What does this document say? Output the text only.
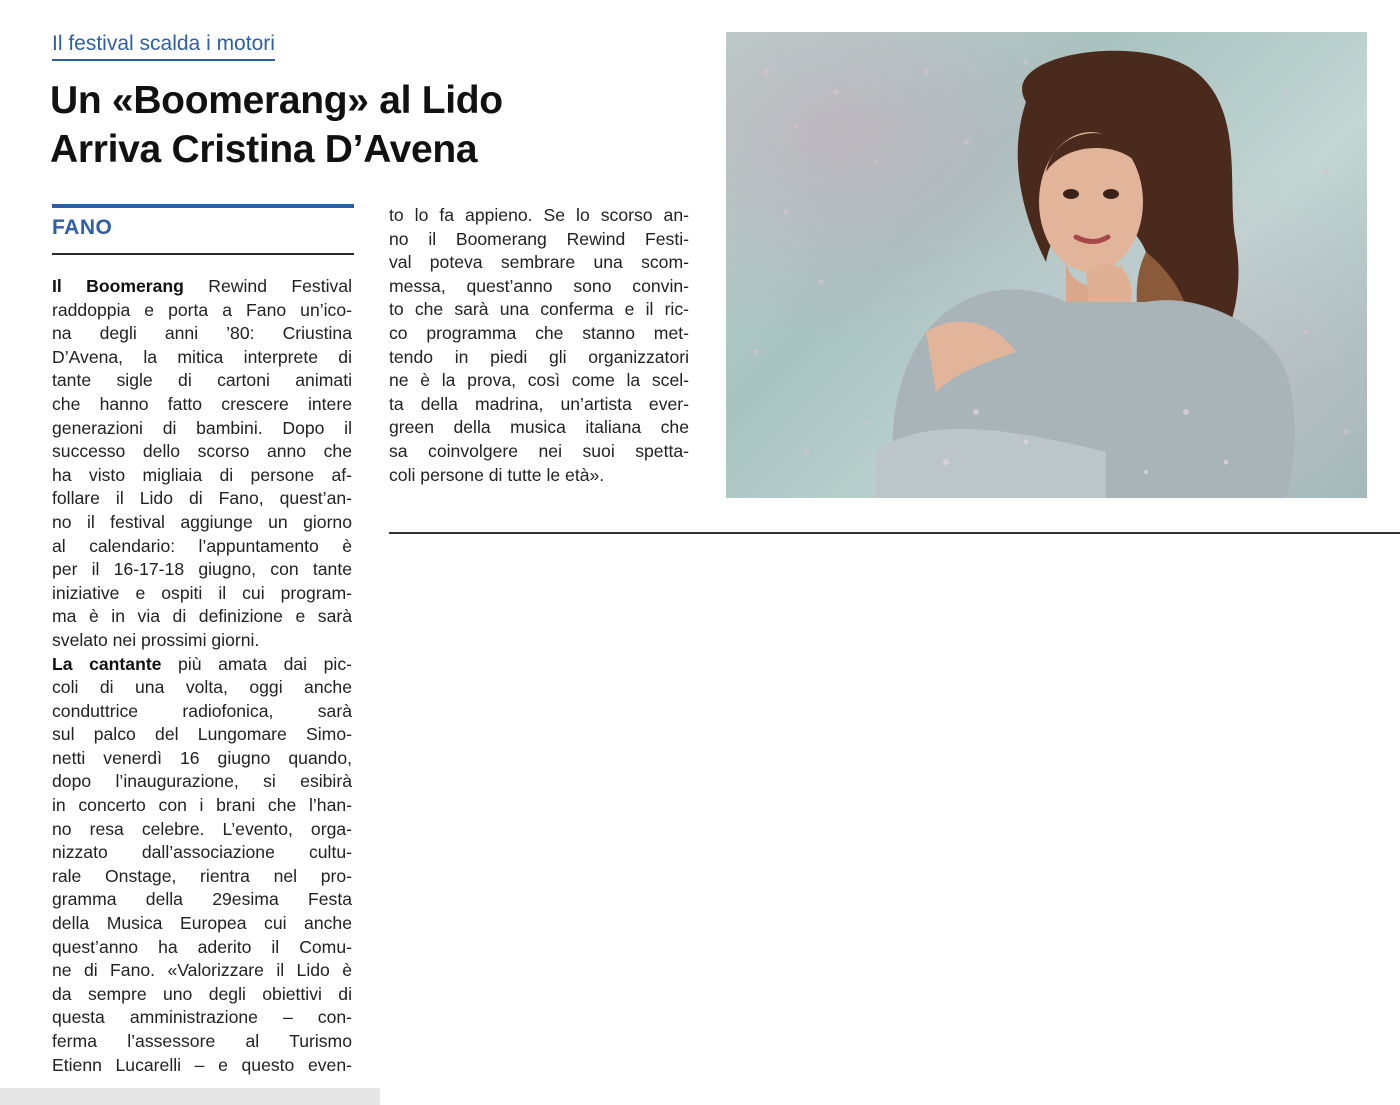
Il festival scalda i motori
Un «Boomerang» al Lido
Arriva Cristina D’Avena
FANO
Il Boomerang Rewind Festival
raddoppia e porta a Fano un’ico-
na degli anni ’80: Criustina
D’Avena, la mitica interprete di
tante sigle di cartoni animati
che hanno fatto crescere intere
generazioni di bambini. Dopo il
successo dello scorso anno che
ha visto migliaia di persone af-
follare il Lido di Fano, quest’an-
no il festival aggiunge un giorno
al calendario: l’appuntamento è
per il 16-17-18 giugno, con tante
iniziative e ospiti il cui program-
ma è in via di definizione e sarà
svelato nei prossimi giorni.
La cantante più amata dai pic-
coli di una volta, oggi anche
conduttrice radiofonica, sarà
sul palco del Lungomare Simo-
netti venerdì 16 giugno quando,
dopo l’inaugurazione, si esibirà
in concerto con i brani che l’han-
no resa celebre. L’evento, orga-
nizzato dall’associazione cultu-
rale Onstage, rientra nel pro-
gramma della 29esima Festa
della Musica Europea cui anche
quest’anno ha aderito il Comu-
ne di Fano. «Valorizzare il Lido è
da sempre uno degli obiettivi di
questa amministrazione – con-
ferma l’assessore al Turismo
Etienn Lucarelli – e questo even-
to lo fa appieno. Se lo scorso an-
no il Boomerang Rewind Festi-
val poteva sembrare una scom-
messa, quest’anno sono convin-
to che sarà una conferma e il ric-
co programma che stanno met-
tendo in piedi gli organizzatori
ne è la prova, così come la scel-
ta della madrina, un’artista ever-
green della musica italiana che
sa coinvolgere nei suoi spetta-
coli persone di tutte le età».
